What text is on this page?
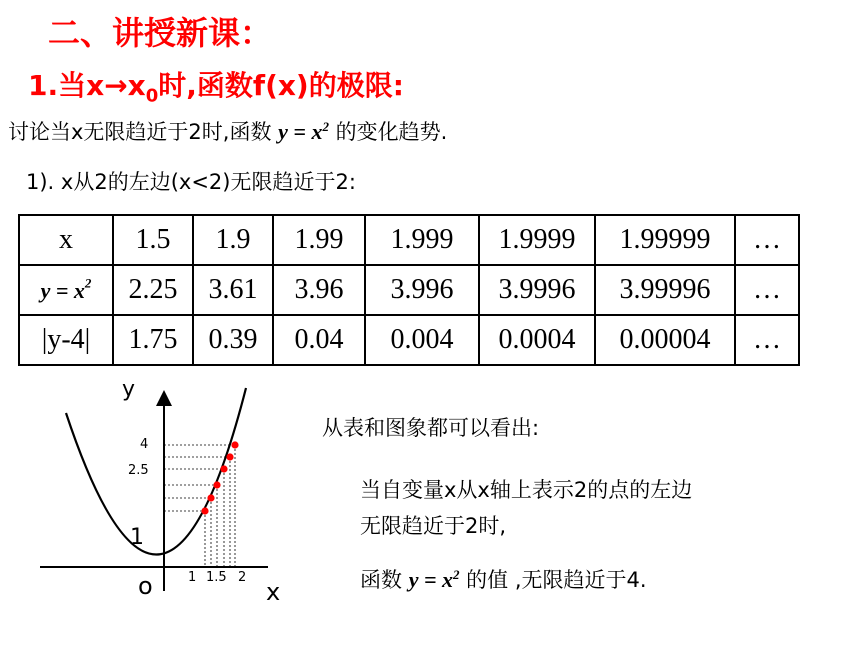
二、讲授新课：
1.当$x\to x_0$时,函数f(x)的极限:
讨论当x无限趋近于2时,函数 $y = x^2$ 的变化趋势.
1). x从2的左边(x<2)无限趋近于2:
x	1.5	1.9	1.99	1.999	1.9999	1.99999	…
$y = x^2$	2.25	3.61	3.96	3.996	3.9996	3.99996	…
|y-4|	1.75	0.39	0.04	0.004	0.0004	0.00004	…
y
x
o
4
2.5
1
1 1.5 2
从表和图象都可以看出:
当自变量x从x轴上表示2的点的左边
无限趋近于2时,
函数 $y = x^2$ 的值 ,无限趋近于4.
